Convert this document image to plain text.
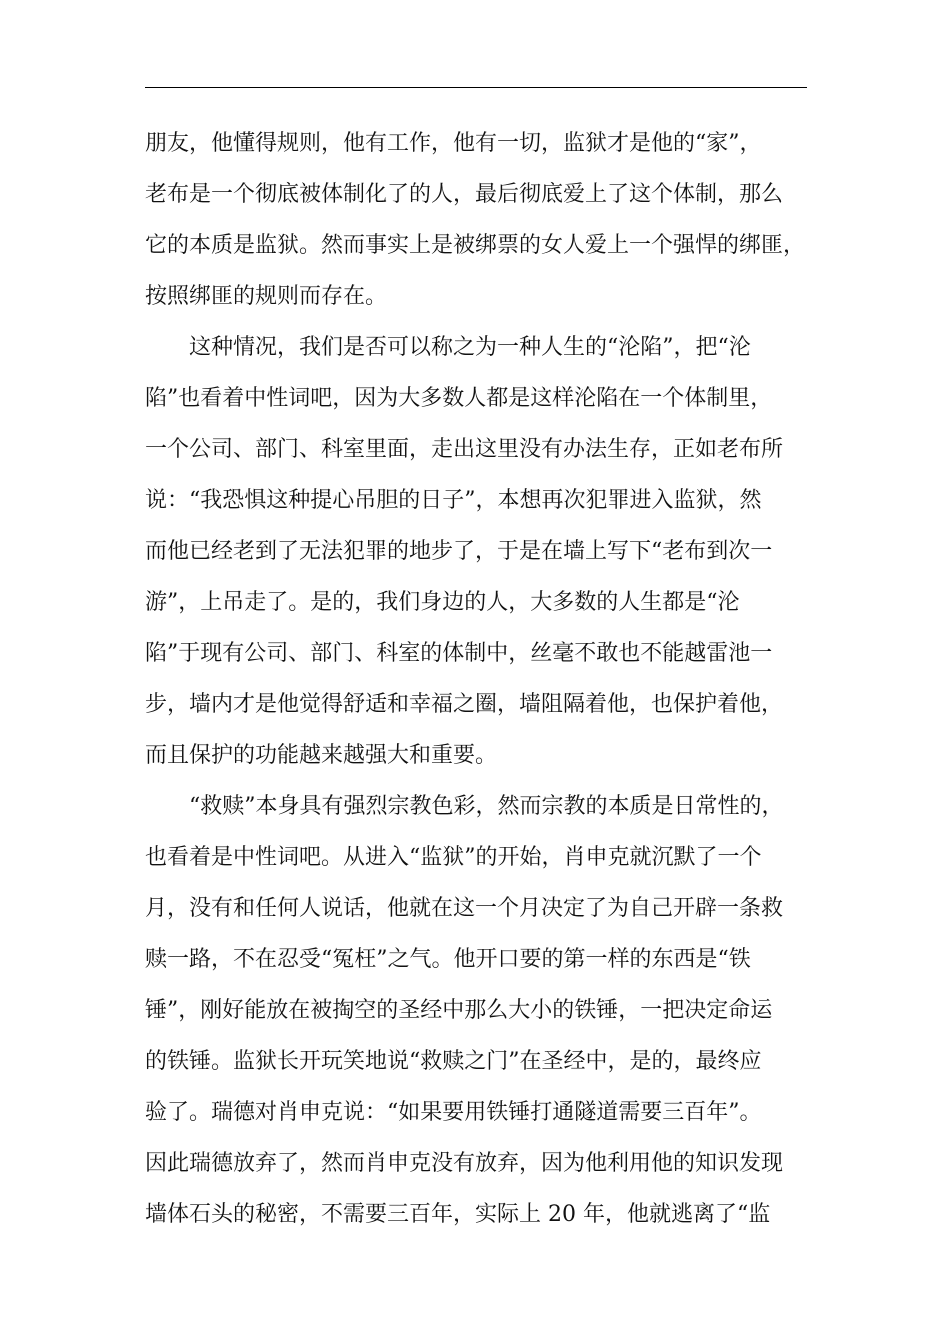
朋友，他懂得规则，他有工作，他有一切，监狱才是他的“家”，
老布是一个彻底被体制化了的人，最后彻底爱上了这个体制，那么
它的本质是监狱。然而事实上是被绑票的女人爱上一个强悍的绑匪，
按照绑匪的规则而存在。
这种情况，我们是否可以称之为一种人生的“沦陷”，把“沦
陷”也看着中性词吧，因为大多数人都是这样沦陷在一个体制里，
一个公司、部门、科室里面，走出这里没有办法生存，正如老布所
说：“我恐惧这种提心吊胆的日子”，本想再次犯罪进入监狱，然
而他已经老到了无法犯罪的地步了，于是在墙上写下“老布到次一
游”，上吊走了。是的，我们身边的人，大多数的人生都是“沦
陷”于现有公司、部门、科室的体制中，丝毫不敢也不能越雷池一
步，墙内才是他觉得舒适和幸福之圈，墙阻隔着他，也保护着他，
而且保护的功能越来越强大和重要。
“救赎”本身具有强烈宗教色彩，然而宗教的本质是日常性的，
也看着是中性词吧。从进入“监狱”的开始，肖申克就沉默了一个
月，没有和任何人说话，他就在这一个月决定了为自己开辟一条救
赎一路，不在忍受“冤枉”之气。他开口要的第一样的东西是“铁
锤”，刚好能放在被掏空的圣经中那么大小的铁锤，一把决定命运
的铁锤。监狱长开玩笑地说“救赎之门”在圣经中，是的，最终应
验了。瑞德对肖申克说：“如果要用铁锤打通隧道需要三百年”。
因此瑞德放弃了，然而肖申克没有放弃，因为他利用他的知识发现
墙体石头的秘密，不需要三百年，实际上 20 年，他就逃离了“监
